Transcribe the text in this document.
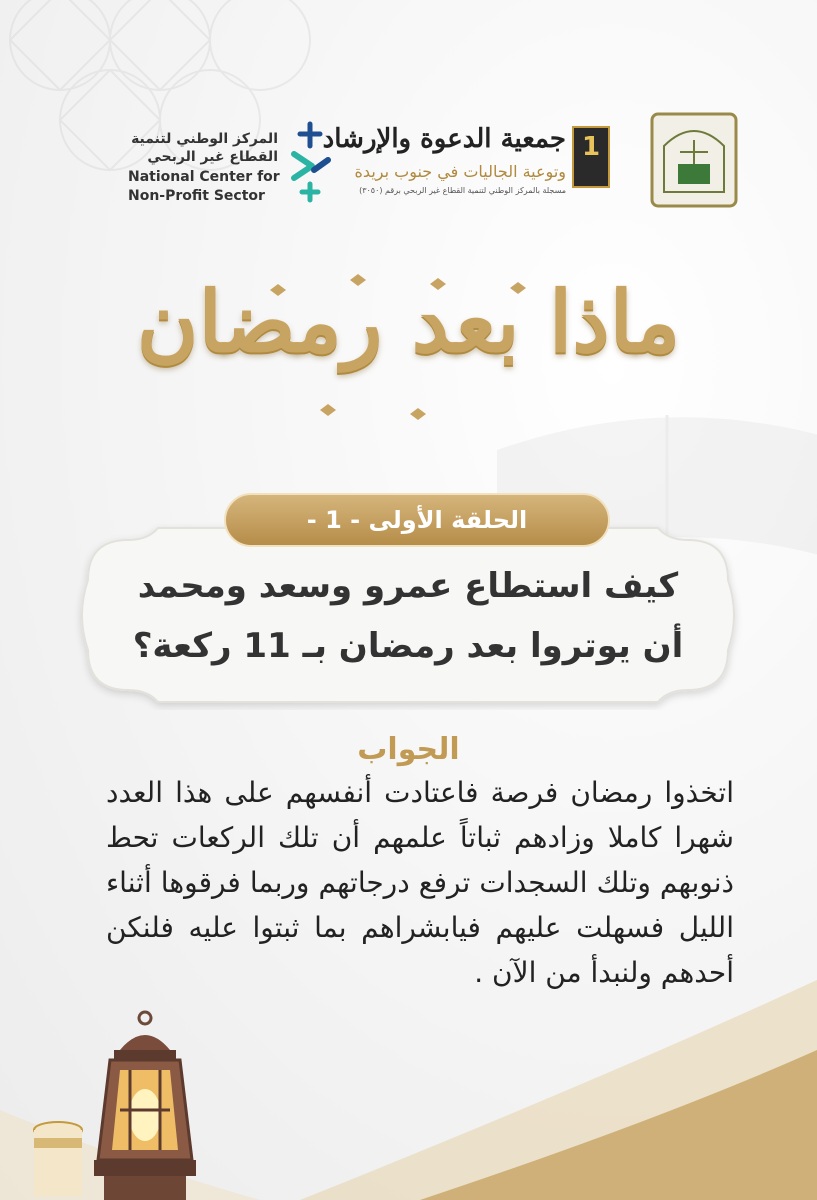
1
جمعية الدعوة والإرشاد
وتوعية الجاليات في جنوب بريدة
مسجلة بالمركز الوطني لتنمية القطاع غير الربحي برقم (٣٠٥٠)
المركز الوطني لتنمية
القطاع غير الربحي
National Center for
Non-Profit Sector
ماذا بعد رمضان
الحلقة الأولى - 1 -
كيف استطاع عمرو وسعد ومحمد
أن يوتروا بعد رمضان بـ 11 ركعة؟
الجواب
اتخذوا رمضان فرصة فاعتادت أنفسهم على هذا العدد شهرا كاملا وزادهم ثباتاً علمهم أن تلك الركعات تحط ذنوبهم وتلك السجدات ترفع درجاتهم وربما فرقوها أثناء الليل فسهلت عليهم فيابشراهم بما ثبتوا عليه فلنكن أحدهم ولنبدأ من الآن .
